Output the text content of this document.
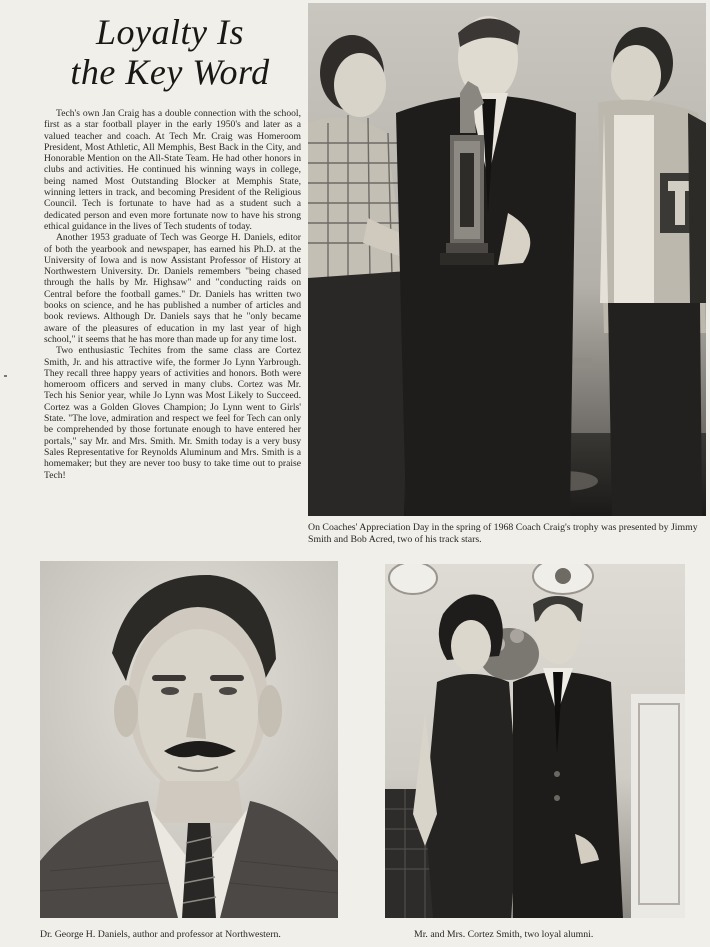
Loyalty Is
the Key Word

Tech's own Jan Craig has a double connection with the school, first as a star football player in the early 1950's and later as a valued teacher and coach. At Tech Mr. Craig was Homeroom President, Most Athletic, All Memphis, Best Back in the City, and Honorable Mention on the All-State Team. He had other honors in clubs and activities. He continued his winning ways in college, being named Most Outstanding Blocker at Memphis State, winning letters in track, and becoming President of the Religious Council. Tech is fortunate to have had as a student such a dedicated person and even more fortunate now to have his strong ethical guidance in the lives of Tech students of today.

Another 1953 graduate of Tech was George H. Daniels, editor of both the yearbook and newspaper, has earned his Ph.D. at the University of Iowa and is now Assistant Professor of History at Northwestern University. Dr. Daniels remembers "being chased through the halls by Mr. Highsaw" and "conducting raids on Central before the football games." Dr. Daniels has written two books on science, and he has published a number of articles and book reviews. Although Dr. Daniels says that he "only became aware of the pleasures of education in my last year of high school," it seems that he has more than made up for any time lost.

Two enthusiastic Techites from the same class are Cortez Smith, Jr. and his attractive wife, the former Jo Lynn Yarbrough. They recall three happy years of activities and honors. Both were homeroom officers and served in many clubs. Cortez was Mr. Tech his Senior year, while Jo Lynn was Most Likely to Succeed. Cortez was a Golden Gloves Champion; Jo Lynn went to Girls' State. "The love, admiration and respect we feel for Tech can only be comprehended by those fortunate enough to have entered her portals," say Mr. and Mrs. Smith. Mr. Smith today is a very busy Sales Representative for Reynolds Aluminum and Mrs. Smith is a homemaker; but they are never too busy to take time out to praise Tech!

On Coaches' Appreciation Day in the spring of 1968 Coach Craig's trophy was presented by Jimmy Smith and Bob Acred, two of his track stars.
Dr. George H. Daniels, author and professor at Northwestern.	Mr. and Mrs. Cortez Smith, two loyal alumni.
